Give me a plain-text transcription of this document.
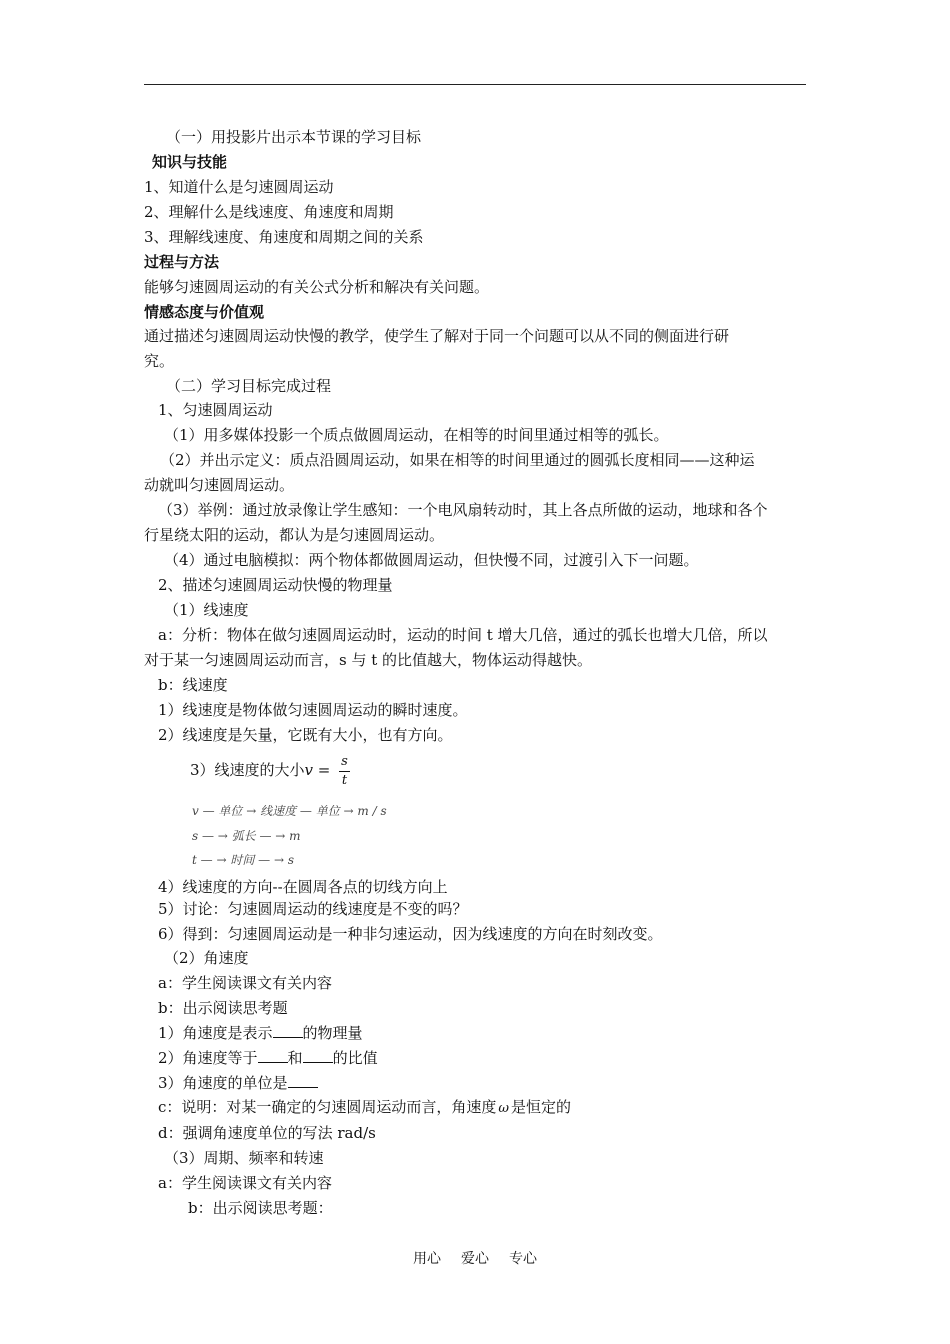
（一）用投影片出示本节课的学习目标
知识与技能
1、知道什么是匀速圆周运动
2、理解什么是线速度、角速度和周期
3、理解线速度、角速度和周期之间的关系
过程与方法
能够匀速圆周运动的有关公式分析和解决有关问题。
情感态度与价值观
通过描述匀速圆周运动快慢的教学，使学生了解对于同一个问题可以从不同的侧面进行研
究。
（二）学习目标完成过程
1、匀速圆周运动
（1）用多媒体投影一个质点做圆周运动，在相等的时间里通过相等的弧长。
（2）并出示定义：质点沿圆周运动，如果在相等的时间里通过的圆弧长度相同——这种运
动就叫匀速圆周运动。
（3）举例：通过放录像让学生感知：一个电风扇转动时，其上各点所做的运动，地球和各个
行星绕太阳的运动，都认为是匀速圆周运动。
（4）通过电脑模拟：两个物体都做圆周运动，但快慢不同，过渡引入下一问题。
2、描述匀速圆周运动快慢的物理量
（1）线速度
a：分析：物体在做匀速圆周运动时，运动的时间 t 增大几倍，通过的弧长也增大几倍，所以
对于某一匀速圆周运动而言，s 与 t 的比值越大，物体运动得越快。
b：线速度
1）线速度是物体做匀速圆周运动的瞬时速度。
2）线速度是矢量，它既有大小，也有方向。
3）线速度的大小$v = \frac{s}{t}$
v — 单位 → 线速度 — 单位 → m / s
s — → 弧长 — → m
t — → 时间 — → s
4）线速度的方向--在圆周各点的切线方向上
5）讨论：匀速圆周运动的线速度是不变的吗？
6）得到：匀速圆周运动是一种非匀速运动，因为线速度的方向在时刻改变。
（2）角速度
a：学生阅读课文有关内容
b：出示阅读思考题
1）角速度是表示 的物理量
2）角速度等于 和 的比值
3）角速度的单位是
c：说明：对某一确定的匀速圆周运动而言，角速度 ω 是恒定的
d：强调角速度单位的写法 rad/s
（3）周期、频率和转速
a：学生阅读课文有关内容
b：出示阅读思考题：
用心 爱心 专心
